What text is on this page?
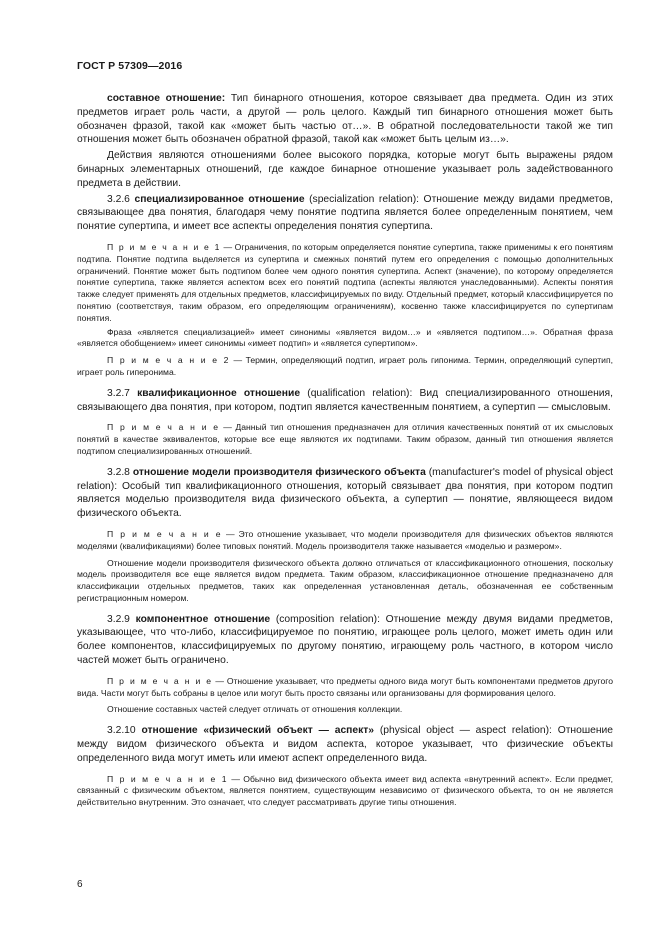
ГОСТ Р 57309—2016

составное отношение: Тип бинарного отношения, которое связывает два предмета. Один из этих предметов играет роль части, а другой — роль целого. Каждый тип бинарного отношения может быть обозначен фразой, такой как «может быть частью от…». В обратной последовательности такой же тип отношения может быть обозначен обратной фразой, такой как «может быть целым из…».

Действия являются отношениями более высокого порядка, которые могут быть выражены рядом бинарных элементарных отношений, где каждое бинарное отношение указывает роль задействованного предмета в действии.

3.2.6 специализированное отношение (specialization relation): Отношение между видами предметов, связывающее два понятия, благодаря чему понятие подтипа является более определенным понятием, чем понятие супертипа, и имеет все аспекты определения понятия супертипа.

П р и м е ч а н и е 1 — Ограничения, по которым определяется понятие супертипа, также применимы к его понятиям подтипа. Понятие подтипа выделяется из супертипа и смежных понятий путем его определения с помощью дополнительных ограничений. Понятие может быть подтипом более чем одного понятия супертипа. Аспект (значение), по которому определяется понятие супертипа, также является аспектом всех его понятий подтипа (аспекты являются унаследованными). Аспекты понятия также следует применять для отдельных предметов, классифицируемых по виду. Отдельный предмет, который классифицируется по понятию (соответствуя, таким образом, его определяющим ограничениям), косвенно также классифицируется по супертипам понятия.

Фраза «является специализацией» имеет синонимы «является видом…» и «является подтипом…». Обратная фраза «является обобщением» имеет синонимы «имеет подтип» и «является супертипом».

П р и м е ч а н и е 2 — Термин, определяющий подтип, играет роль гипонима. Термин, определяющий супертип, играет роль гиперонима.

3.2.7 квалификационное отношение (qualification relation): Вид специализированного отношения, связывающего два понятия, при котором, подтип является качественным понятием, а супертип — смысловым.

П р и м е ч а н и е — Данный тип отношения предназначен для отличия качественных понятий от их смысловых понятий в качестве эквивалентов, которые все еще являются их подтипами. Таким образом, данный тип отношения является подтипом специализированных отношений.

3.2.8 отношение модели производителя физического объекта (manufacturer's model of physical object relation): Особый тип квалификационного отношения, который связывает два понятия, при котором подтип является моделью производителя вида физического объекта, а супертип — понятие, являющееся видом физического объекта.

П р и м е ч а н и е — Это отношение указывает, что модели производителя для физических объектов являются моделями (квалификациями) более типовых понятий. Модель производителя также называется «моделью и размером».

Отношение модели производителя физического объекта должно отличаться от классификационного отношения, поскольку модель производителя все еще является видом предмета. Таким образом, классификационное отношение предназначено для классификации отдельных предметов, таких как определенная установленная деталь, обозначенная ее собственным регистрационным номером.

3.2.9 компонентное отношение (composition relation): Отношение между двумя видами предметов, указывающее, что что-либо, классифицируемое по понятию, играющее роль целого, может иметь один или более компонентов, классифицируемых по другому понятию, играющему роль частного, в котором число частей может быть ограничено.

П р и м е ч а н и е — Отношение указывает, что предметы одного вида могут быть компонентами предметов другого вида. Части могут быть собраны в целое или могут быть просто связаны или организованы для формирования целого.

Отношение составных частей следует отличать от отношения коллекции.

3.2.10 отношение «физический объект — аспект» (physical object — aspect relation): Отношение между видом физического объекта и видом аспекта, которое указывает, что физические объекты определенного вида могут иметь или имеют аспект определенного вида.

П р и м е ч а н и е 1 — Обычно вид физического объекта имеет вид аспекта «внутренний аспект». Если предмет, связанный с физическим объектом, является понятием, существующим независимо от физического объекта, то он не является действительно внутренним. Это означает, что следует рассматривать другие типы отношения.

6
